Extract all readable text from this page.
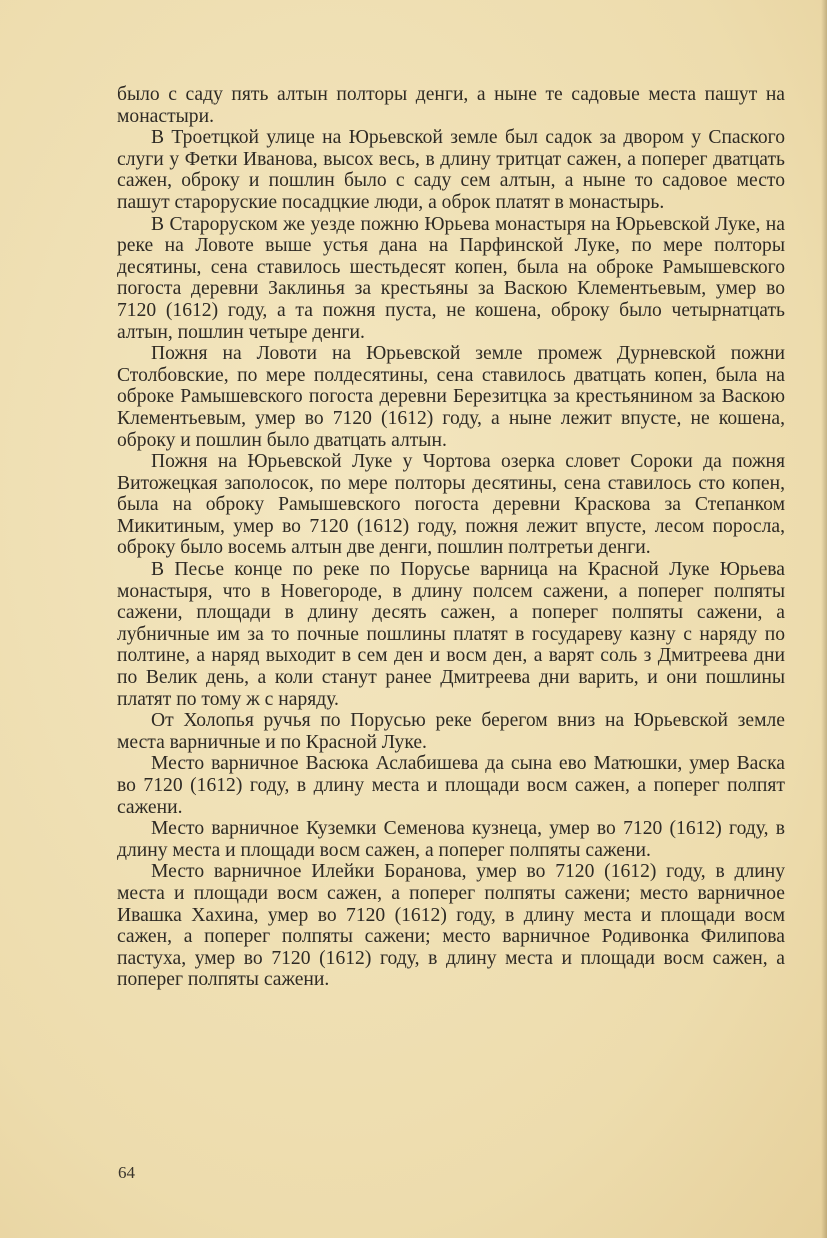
было с саду пять алтын полторы денги, а ныне те садовые места пашут на монастыри.

В Троетцкой улице на Юрьевской земле был садок за двором у Спаского слуги у Фетки Иванова, высох весь, в длину тритцат сажен, а поперег дватцать сажен, оброку и пошлин было с саду сем алтын, а ныне то садовое место пашут староруские посадцкие люди, а оброк платят в монастырь.

В Староруском же уезде пожню Юрьева монастыря на Юрьевской Луке, на реке на Ловоте выше устья дана на Парфинской Луке, по мере полторы десятины, сена ставилось шестьдесят копен, была на оброке Рамышевского погоста деревни Заклинья за крестьяны за Васкою Клементьевым, умер во 7120 (1612) году, а та пожня пуста, не кошена, оброку было четырнатцать алтын, пошлин четыре денги.

Пожня на Ловоти на Юрьевской земле промеж Дурневской пожни Столбовские, по мере полдесятины, сена ставилось дватцать копен, была на оброке Рамышевского погоста деревни Березитцка за крестьянином за Васкою Клементьевым, умер во 7120 (1612) году, а ныне лежит впусте, не кошена, оброку и пошлин было дватцать алтын.

Пожня на Юрьевской Луке у Чортова озерка словет Сороки да пожня Витожецкая заполосок, по мере полторы десятины, сена ставилось сто копен, была на оброку Рамышевского погоста деревни Краскова за Степанком Микитиным, умер во 7120 (1612) году, пожня лежит впусте, лесом поросла, оброку было восемь алтын две денги, пошлин полтретьи денги.

В Песье конце по реке по Порусье варница на Красной Луке Юрьева монастыря, что в Новегороде, в длину полсем сажени, а поперег полпяты сажени, площади в длину десять сажен, а поперег полпяты сажени, а лубничные им за то почные пошлины платят в государеву казну с наряду по полтине, а наряд выходит в сем ден и восм ден, а варят соль з Дмитреева дни по Велик день, а коли станут ранее Дмитреева дни варить, и они пошлины платят по тому ж с наряду.

От Холопья ручья по Порусью реке берегом вниз на Юрьевской земле места варничные и по Красной Луке.

Место варничное Васюка Аслабишева да сына ево Матюшки, умер Васка во 7120 (1612) году, в длину места и площади восм сажен, а поперег полпят сажени.

Место варничное Куземки Семенова кузнеца, умер во 7120 (1612) году, в длину места и площади восм сажен, а поперег полпяты сажени.

Место варничное Илейки Боранова, умер во 7120 (1612) году, в длину места и площади восм сажен, а поперег полпяты сажени; место варничное Ивашка Хахина, умер во 7120 (1612) году, в длину места и площади восм сажен, а поперег полпяты сажени; место варничное Родивонка Филипова пастуха, умер во 7120 (1612) году, в длину места и площади восм сажен, а поперег полпяты сажени.

64
